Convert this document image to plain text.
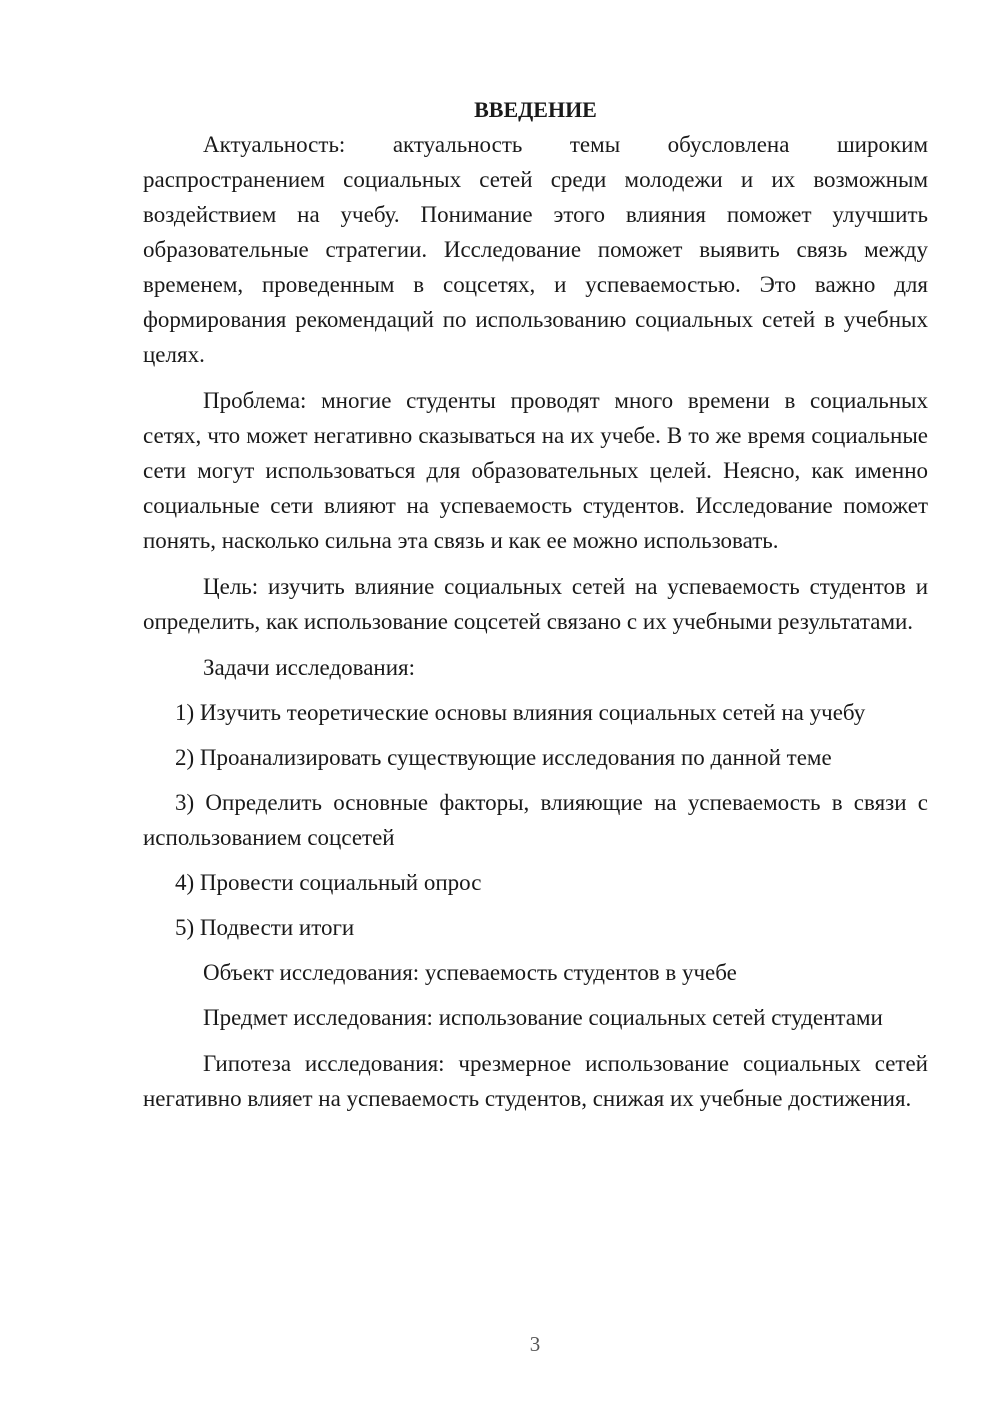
ВВЕДЕНИЕ

Актуальность: актуальность темы обусловлена широким распространением социальных сетей среди молодежи и их возможным воздействием на учебу. Понимание этого влияния поможет улучшить образовательные стратегии. Исследование поможет выявить связь между временем, проведенным в соцсетях, и успеваемостью. Это важно для формирования рекомендаций по использованию социальных сетей в учебных целях.

Проблема: многие студенты проводят много времени в социальных сетях, что может негативно сказываться на их учебе. В то же время социальные сети могут использоваться для образовательных целей. Неясно, как именно социальные сети влияют на успеваемость студентов. Исследование поможет понять, насколько сильна эта связь и как ее можно использовать.

Цель: изучить влияние социальных сетей на успеваемость студентов и определить, как использование соцсетей связано с их учебными результатами.

Задачи исследования:

1) Изучить теоретические основы влияния социальных сетей на учебу

2) Проанализировать существующие исследования по данной теме

3) Определить основные факторы, влияющие на успеваемость в связи с использованием соцсетей

4) Провести социальный опрос

5) Подвести итоги

Объект исследования: успеваемость студентов в учебе

Предмет исследования: использование социальных сетей студентами

Гипотеза исследования: чрезмерное использование социальных сетей негативно влияет на успеваемость студентов, снижая их учебные достижения.

3
